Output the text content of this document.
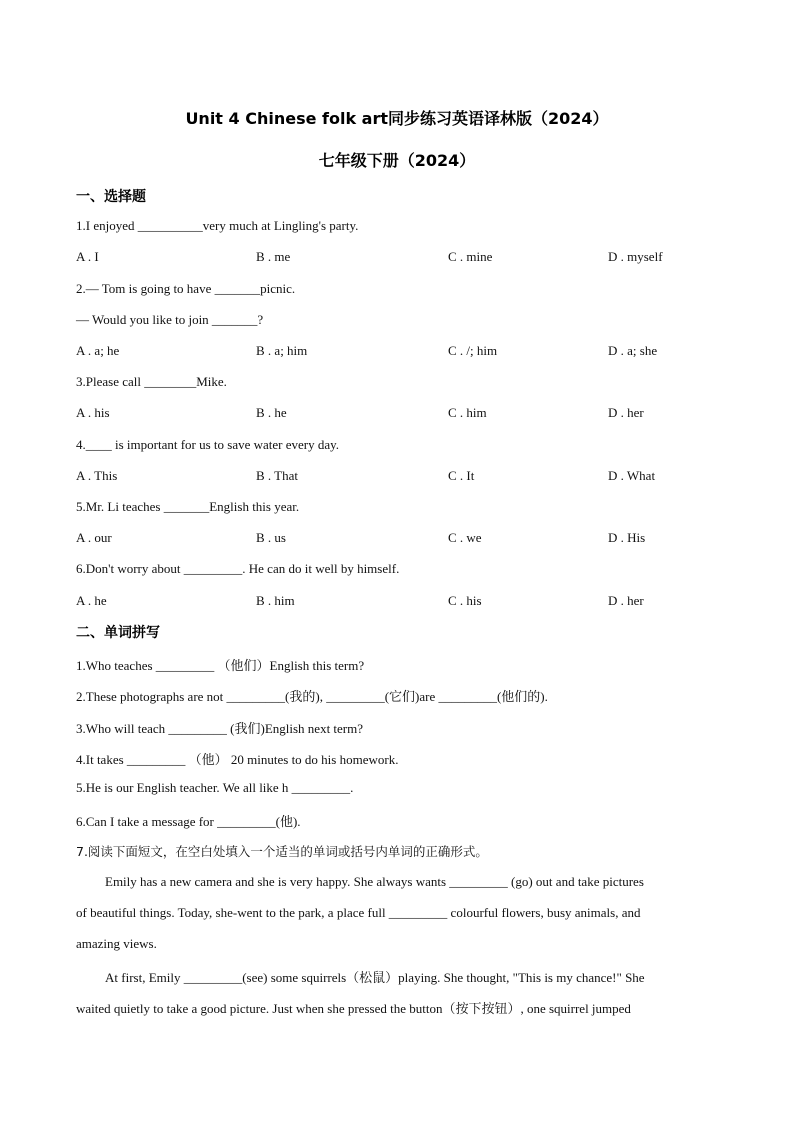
Unit 4 Chinese folk art同步练习英语译林版（2024）
七年级下册（2024）
一、选择题
1.I enjoyed __________very much at Lingling's party.
A . I	B . me	C . mine	D . myself
2.— Tom is going to have _______picnic.
— Would you like to join _______?
A . a; he	B . a; him	C . /; him	D . a; she
3.Please call ________Mike.
A . his	B . he	C . him	D . her
4.____ is important for us to save water every day.
A . This	B . That	C . It	D . What
5.Mr. Li teaches _______English this year.
A . our	B . us	C . we	D . His
6.Don't worry about _________. He can do it well by himself.
A . he	B . him	C . his	D . her
二、单词拼写
1.Who teaches _________ （他们）English this term?
2.These photographs are not _________(我的), _________(它们)are _________(他们的).
3.Who will teach _________ (我们)English next term?
4.It takes _________ （他） 20 minutes to do his homework.
5.He is our English teacher. We all like h _________.
6.Can I take a message for _________(他).
7.阅读下面短文，在空白处填入一个适当的单词或括号内单词的正确形式。
Emily has a new camera and she is very happy. She always wants _________ (go) out and take pictures
of beautiful things. Today, she-went to the park, a place full _________ colourful flowers, busy animals, and
amazing views.
At first, Emily _________(see) some squirrels（松鼠）playing. She thought, "This is my chance!" She
waited quietly to take a good picture. Just when she pressed the button（按下按钮）, one squirrel jumped
